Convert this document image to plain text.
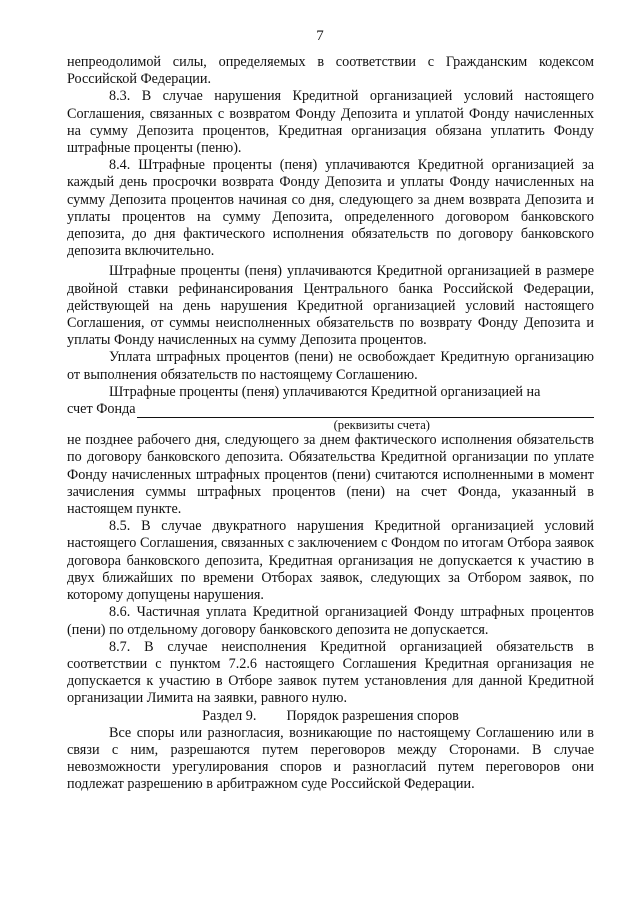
7

непреодолимой силы, определяемых в соответствии с Гражданским кодексом Российской Федерации.

8.3. В случае нарушения Кредитной организацией условий настоящего Соглашения, связанных с возвратом Фонду Депозита и уплатой Фонду начисленных на сумму Депозита процентов, Кредитная организация обязана уплатить Фонду штрафные проценты (пеню).

8.4. Штрафные проценты (пеня) уплачиваются Кредитной организацией за каждый день просрочки возврата Фонду Депозита и уплаты Фонду начисленных на сумму Депозита процентов начиная со дня, следующего за днем возврата Депозита и уплаты процентов на сумму Депозита, определенного договором банковского депозита, до дня фактического исполнения обязательств по договору банковского депозита включительно.

Штрафные проценты (пеня) уплачиваются Кредитной организацией в размере двойной ставки рефинансирования Центрального банка Российской Федерации, действующей на день нарушения Кредитной организацией условий настоящего Соглашения, от суммы неисполненных обязательств по возврату Фонду Депозита и уплаты Фонду начисленных на сумму Депозита процентов.

Уплата штрафных процентов (пени) не освобождает Кредитную организацию от выполнения обязательств по настоящему Соглашению.

Штрафные проценты (пеня) уплачиваются Кредитной организацией на

счет Фонда
(реквизиты счета)

не позднее рабочего дня, следующего за днем фактического исполнения обязательств по договору банковского депозита. Обязательства Кредитной организации по уплате Фонду начисленных штрафных процентов (пени) считаются исполненными в момент зачисления суммы штрафных процентов (пени) на счет Фонда, указанный в настоящем пункте.

8.5. В случае двукратного нарушения Кредитной организацией условий настоящего Соглашения, связанных с заключением с Фондом по итогам Отбора заявок договора банковского депозита, Кредитная организация не допускается к участию в двух ближайших по времени Отборах заявок, следующих за Отбором заявок, по которому допущены нарушения.

8.6. Частичная уплата Кредитной организацией Фонду штрафных процентов (пени) по отдельному договору банковского депозита не допускается.

8.7. В случае неисполнения Кредитной организацией обязательств в соответствии с пунктом 7.2.6 настоящего Соглашения Кредитная организация не допускается к участию в Отборе заявок путем установления для данной Кредитной организации Лимита на заявки, равного нулю.

Раздел 9. Порядок разрешения споров

Все споры или разногласия, возникающие по настоящему Соглашению или в связи с ним, разрешаются путем переговоров между Сторонами. В случае невозможности урегулирования споров и разногласий путем переговоров они подлежат разрешению в арбитражном суде Российской Федерации.
